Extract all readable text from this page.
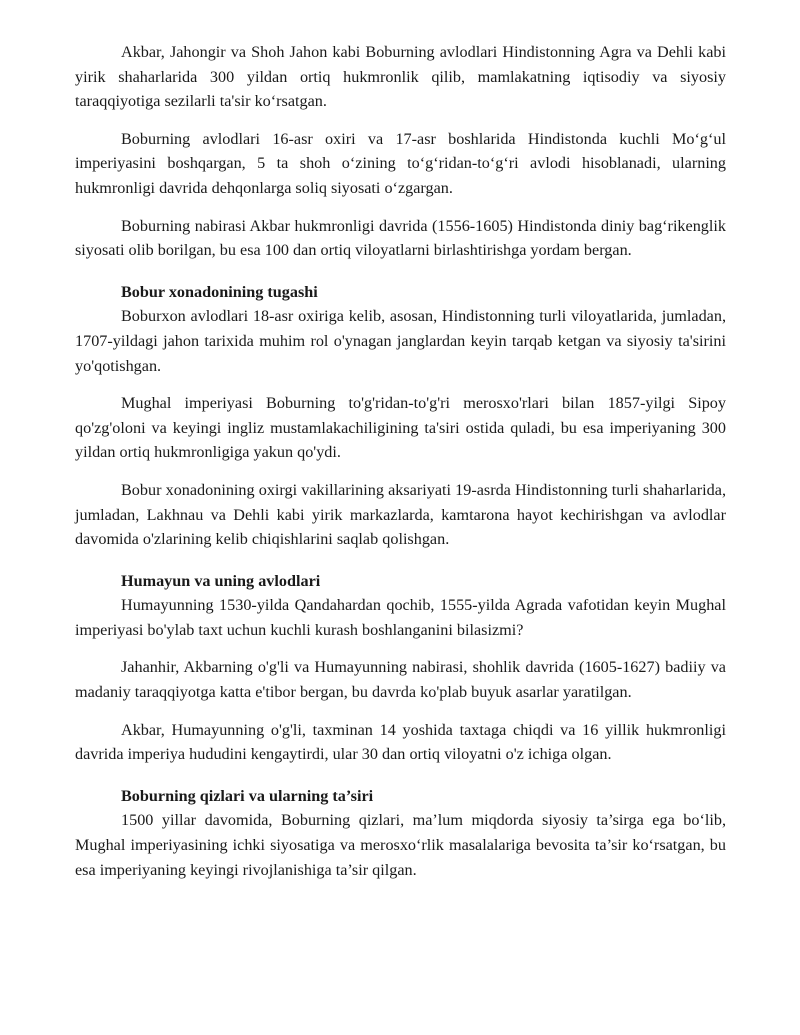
Akbar, Jahongir va Shoh Jahon kabi Boburning avlodlari Hindistonning Agra va Dehli kabi yirik shaharlarida 300 yildan ortiq hukmronlik qilib, mamlakatning iqtisodiy va siyosiy taraqqiyotiga sezilarli ta'sir ko‘rsatgan.

Boburning avlodlari 16-asr oxiri va 17-asr boshlarida Hindistonda kuchli Mo‘g‘ul imperiyasini boshqargan, 5 ta shoh o‘zining to‘g‘ridan-to‘g‘ri avlodi hisoblanadi, ularning hukmronligi davrida dehqonlarga soliq siyosati o‘zgargan.

Boburning nabirasi Akbar hukmronligi davrida (1556-1605) Hindistonda diniy bag‘rikenglik siyosati olib borilgan, bu esa 100 dan ortiq viloyatlarni birlashtirishga yordam bergan.

Bobur xonadonining tugashi

Boburxon avlodlari 18-asr oxiriga kelib, asosan, Hindistonning turli viloyatlarida, jumladan, 1707-yildagi jahon tarixida muhim rol o'ynagan janglardan keyin tarqab ketgan va siyosiy ta'sirini yo'qotishgan.

Mughal imperiyasi Boburning to'g'ridan-to'g'ri merosxo'rlari bilan 1857-yilgi Sipoy qo'zg'oloni va keyingi ingliz mustamlakachiligining ta'siri ostida quladi, bu esa imperiyaning 300 yildan ortiq hukmronligiga yakun qo'ydi.

Bobur xonadonining oxirgi vakillarining aksariyati 19-asrda Hindistonning turli shaharlarida, jumladan, Lakhnau va Dehli kabi yirik markazlarda, kamtarona hayot kechirishgan va avlodlar davomida o'zlarining kelib chiqishlarini saqlab qolishgan.

Humayun va uning avlodlari

Humayunning 1530-yilda Qandahardan qochib, 1555-yilda Agrada vafotidan keyin Mughal imperiyasi bo'ylab taxt uchun kuchli kurash boshlanganini bilasizmi?

Jahanhir, Akbarning o'g'li va Humayunning nabirasi, shohlik davrida (1605-1627) badiiy va madaniy taraqqiyotga katta e'tibor bergan, bu davrda ko'plab buyuk asarlar yaratilgan.

Akbar, Humayunning o'g'li, taxminan 14 yoshida taxtaga chiqdi va 16 yillik hukmronligi davrida imperiya hududini kengaytirdi, ular 30 dan ortiq viloyatni o'z ichiga olgan.

Boburning qizlari va ularning ta’siri

1500 yillar davomida, Boburning qizlari, ma’lum miqdorda siyosiy ta’sirga ega bo‘lib, Mughal imperiyasining ichki siyosatiga va merosxo‘rlik masalalariga bevosita ta’sir ko‘rsatgan, bu esa imperiyaning keyingi rivojlanishiga ta’sir qilgan.
